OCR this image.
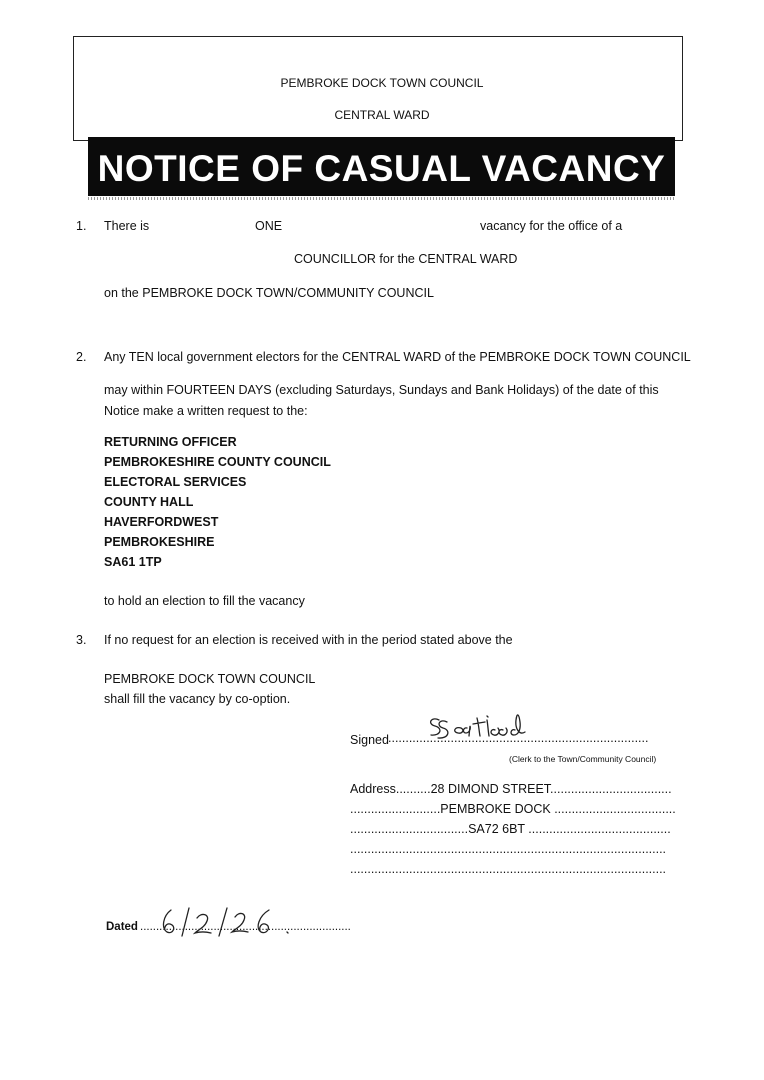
PEMBROKE DOCK TOWN COUNCIL
CENTRAL WARD
NOTICE OF CASUAL VACANCY
1. There is	ONE	vacancy for the office of a
COUNCILLOR for the CENTRAL WARD
on the PEMBROKE DOCK TOWN/COMMUNITY COUNCIL
2. Any TEN local government electors for the CENTRAL WARD of the PEMBROKE DOCK TOWN COUNCIL
may within FOURTEEN DAYS (excluding Saturdays, Sundays and Bank Holidays) of the date of this
Notice make a written request to the:
RETURNING OFFICER
PEMBROKESHIRE COUNTY COUNCIL
ELECTORAL SERVICES
COUNTY HALL
HAVERFORDWEST
PEMBROKESHIRE
SA61 1TP
to hold an election to fill the vacancy
3. If no request for an election is received with in the period stated above the
PEMBROKE DOCK TOWN COUNCIL
shall fill the vacancy by co-option.
Signed ...........................................................................
(Clerk to the Town/Community Council)
Address..........28 DIMOND STREET...................................
..........................PEMBROKE DOCK ...................................
..................................SA72 6BT .........................................
...........................................................................................
...........................................................................................
Dated ..................................................................
